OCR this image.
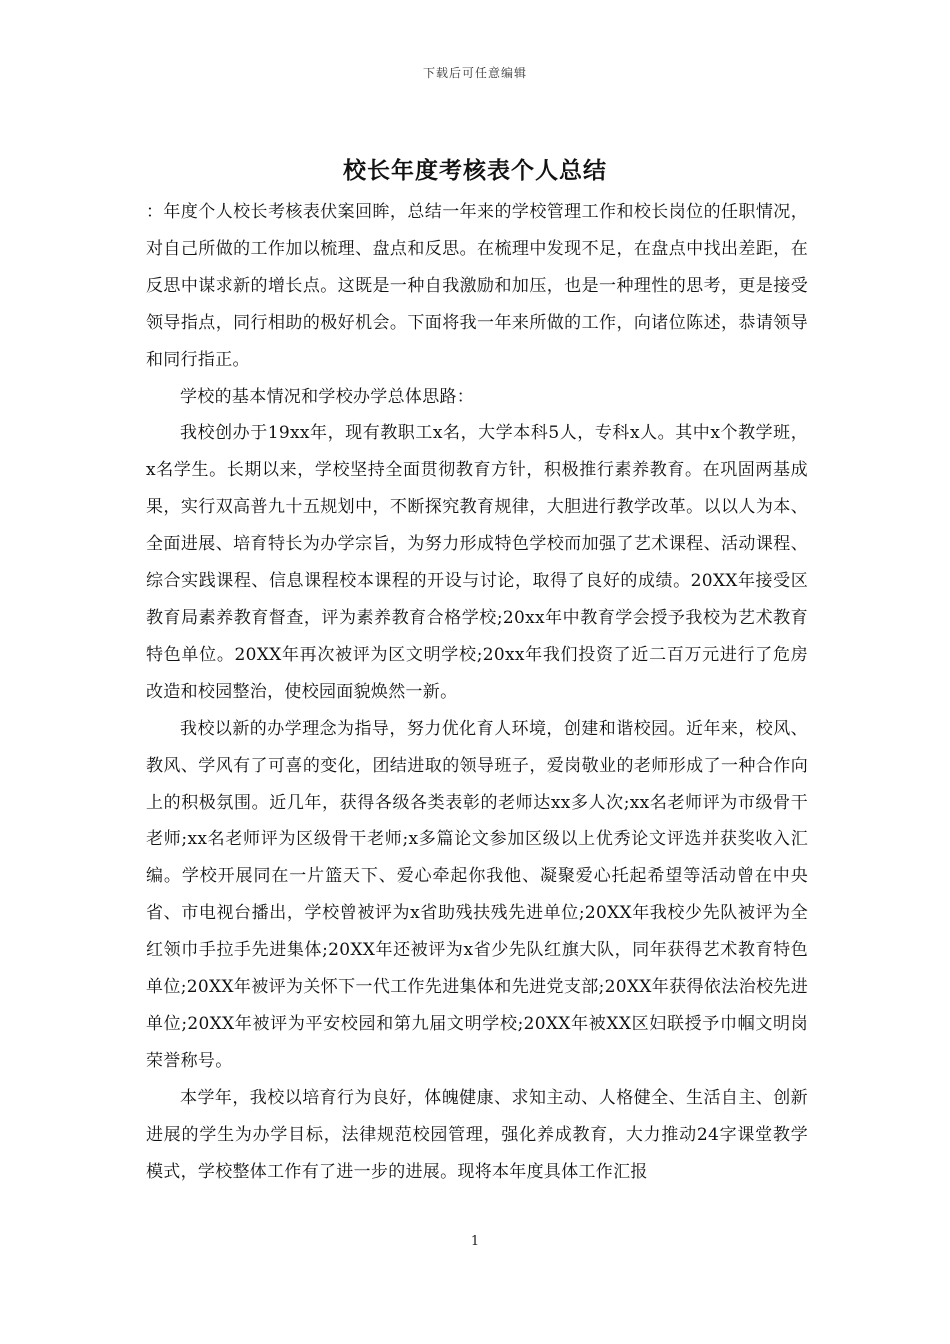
下载后可任意编辑
校长年度考核表个人总结

：年度个人校长考核表伏案回眸，总结一年来的学校管理工作和校长岗位的任职情况，对自己所做的工作加以梳理、盘点和反思。在梳理中发现不足，在盘点中找出差距，在反思中谋求新的增长点。这既是一种自我激励和加压，也是一种理性的思考，更是接受领导指点，同行相助的极好机会。下面将我一年来所做的工作，向诸位陈述，恭请领导和同行指正。

学校的基本情况和学校办学总体思路：

我校创办于19xx年，现有教职工x名，大学本科5人，专科x人。其中x个教学班，x名学生。长期以来，学校坚持全面贯彻教育方针，积极推行素养教育。在巩固两基成果，实行双高普九十五规划中，不断探究教育规律，大胆进行教学改革。以以人为本、全面进展、培育特长为办学宗旨，为努力形成特色学校而加强了艺术课程、活动课程、综合实践课程、信息课程校本课程的开设与讨论，取得了良好的成绩。20XX年接受区教育局素养教育督查，评为素养教育合格学校;20xx年中教育学会授予我校为艺术教育特色单位。20XX年再次被评为区文明学校;20xx年我们投资了近二百万元进行了危房改造和校园整治，使校园面貌焕然一新。

我校以新的办学理念为指导，努力优化育人环境，创建和谐校园。近年来，校风、教风、学风有了可喜的变化，团结进取的领导班子，爱岗敬业的老师形成了一种合作向上的积极氛围。近几年，获得各级各类表彰的老师达xx多人次;xx名老师评为市级骨干老师;xx名老师评为区级骨干老师;x多篇论文参加区级以上优秀论文评选并获奖收入汇编。学校开展同在一片篮天下、爱心牵起你我他、凝聚爱心托起希望等活动曾在中央省、市电视台播出，学校曾被评为x省助残扶残先进单位;20XX年我校少先队被评为全红领巾手拉手先进集体;20XX年还被评为x省少先队红旗大队，同年获得艺术教育特色单位;20XX年被评为关怀下一代工作先进集体和先进党支部;20XX年获得依法治校先进单位;20XX年被评为平安校园和第九届文明学校;20XX年被XX区妇联授予巾帼文明岗荣誉称号。

本学年，我校以培育行为良好，体魄健康、求知主动、人格健全、生活自主、创新进展的学生为办学目标，法律规范校园管理，强化养成教育，大力推动24字课堂教学模式，学校整体工作有了进一步的进展。现将本年度具体工作汇报

1
